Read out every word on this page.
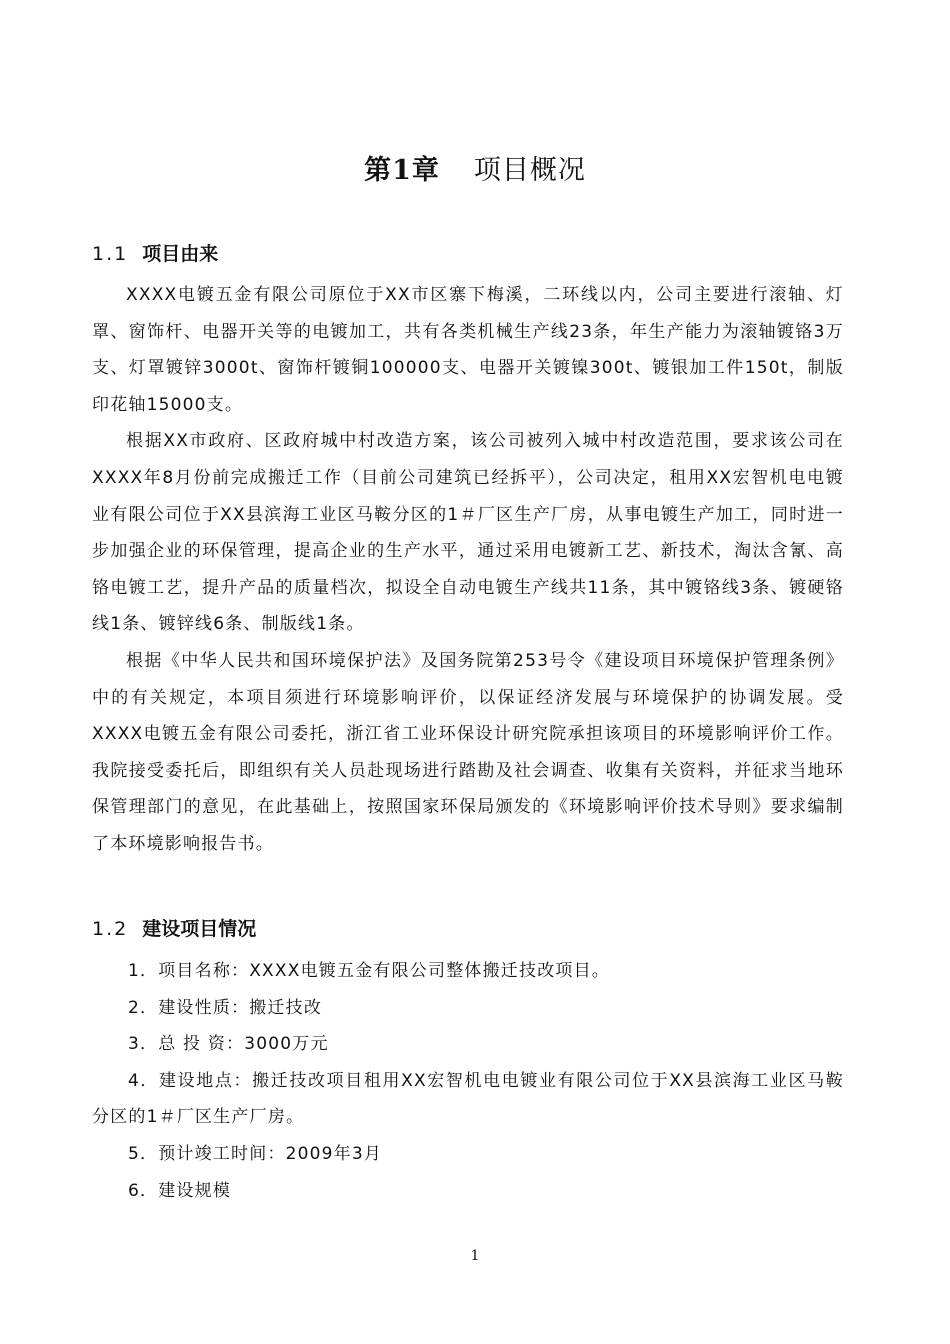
第1章 项目概况
1.1 项目由来

XXXX电镀五金有限公司原位于XX市区寨下梅溪，二环线以内，公司主要进行滚轴、灯罩、窗饰杆、电器开关等的电镀加工，共有各类机械生产线23条，年生产能力为滚轴镀铬3万支、灯罩镀锌3000t、窗饰杆镀铜100000支、电器开关镀镍300t、镀银加工件150t，制版印花轴15000支。

根据XX市政府、区政府城中村改造方案，该公司被列入城中村改造范围，要求该公司在XXXX年8月份前完成搬迁工作（目前公司建筑已经拆平），公司决定，租用XX宏智机电电镀业有限公司位于XX县滨海工业区马鞍分区的1＃厂区生产厂房，从事电镀生产加工，同时进一步加强企业的环保管理，提高企业的生产水平，通过采用电镀新工艺、新技术，淘汰含氰、高铬电镀工艺，提升产品的质量档次，拟设全自动电镀生产线共11条，其中镀铬线3条、镀硬铬线1条、镀锌线6条、制版线1条。

根据《中华人民共和国环境保护法》及国务院第253号令《建设项目环境保护管理条例》中的有关规定，本项目须进行环境影响评价，以保证经济发展与环境保护的协调发展。受XXXX电镀五金有限公司委托，浙江省工业环保设计研究院承担该项目的环境影响评价工作。我院接受委托后，即组织有关人员赴现场进行踏勘及社会调查、收集有关资料，并征求当地环保管理部门的意见，在此基础上，按照国家环保局颁发的《环境影响评价技术导则》要求编制了本环境影响报告书。

1.2 建设项目情况

1．项目名称：XXXX电镀五金有限公司整体搬迁技改项目。

2．建设性质：搬迁技改

3．总 投 资：3000万元

4．建设地点：搬迁技改项目租用XX宏智机电电镀业有限公司位于XX县滨海工业区马鞍分区的1＃厂区生产厂房。

5．预计竣工时间：2009年3月

6．建设规模

1
